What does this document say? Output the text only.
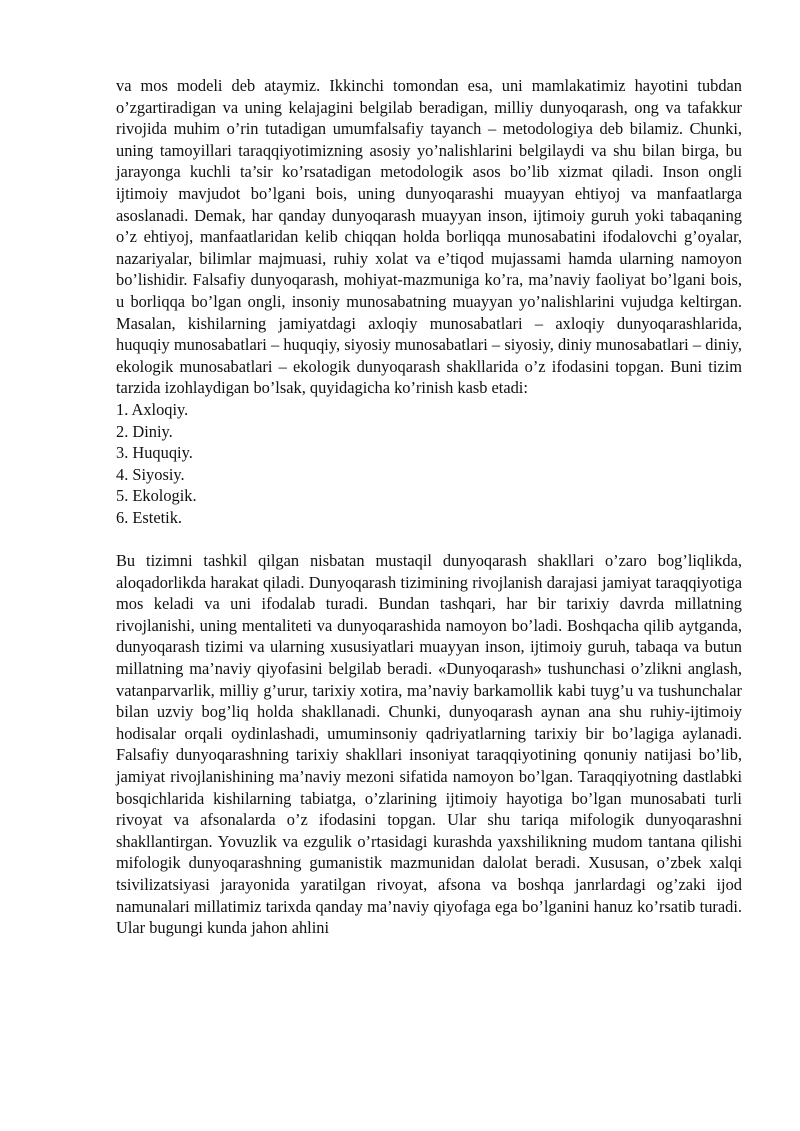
va mos modeli deb ataymiz. Ikkinchi tomondan esa, uni mamlakatimiz hayotini tubdan o’zgartiradigan va uning kelajagini belgilab beradigan, milliy dunyoqarash, ong va tafakkur rivojida muhim o’rin tutadigan umumfalsafiy tayanch – metodologiya deb bilamiz. Chunki, uning tamoyillari taraqqiyotimizning asosiy yo’nalishlarini belgilaydi va shu bilan birga, bu jarayonga kuchli ta’sir ko’rsatadigan metodologik asos bo’lib xizmat qiladi. Inson ongli ijtimoiy mavjudot bo’lgani bois, uning dunyoqarashi muayyan ehtiyoj va manfaatlarga asoslanadi. Demak, har qanday dunyoqarash muayyan inson, ijtimoiy guruh yoki tabaqaning o’z ehtiyoj, manfaatlaridan kelib chiqqan holda borliqqa munosabatini ifodalovchi g’oyalar, nazariyalar, bilimlar majmuasi, ruhiy xolat va e’tiqod mujassami hamda ularning namoyon bo’lishidir. Falsafiy dunyoqarash, mohiyat-mazmuniga ko’ra, ma’naviy faoliyat bo’lgani bois, u borliqqa bo’lgan ongli, insoniy munosabatning muayyan yo’nalishlarini vujudga keltirgan. Masalan, kishilarning jamiyatdagi axloqiy munosabatlari – axloqiy dunyoqarashlarida, huquqiy munosabatlari – huquqiy, siyosiy munosabatlari – siyosiy, diniy munosabatlari – diniy, ekologik munosabatlari – ekologik dunyoqarash shakllarida o’z ifodasini topgan. Buni tizim tarzida izohlaydigan bo’lsak, quyidagicha ko’rinish kasb etadi:

1. Axloqiy.
2. Diniy.
3. Huquqiy.
4. Siyosiy.
5. Ekologik.
6. Estetik.

Bu tizimni tashkil qilgan nisbatan mustaqil dunyoqarash shakllari o’zaro bog’liqlikda, aloqadorlikda harakat qiladi. Dunyoqarash tizimining rivojlanish darajasi jamiyat taraqqiyotiga mos keladi va uni ifodalab turadi. Bundan tashqari, har bir tarixiy davrda millatning rivojlanishi, uning mentaliteti va dunyoqarashida namoyon bo’ladi. Boshqacha qilib aytganda, dunyoqarash tizimi va ularning xususiyatlari muayyan inson, ijtimoiy guruh, tabaqa va butun millatning ma’naviy qiyofasini belgilab beradi. «Dunyoqarash» tushunchasi o’zlikni anglash, vatanparvarlik, milliy g’urur, tarixiy xotira, ma’naviy barkamollik kabi tuyg’u va tushunchalar bilan uzviy bog’liq holda shakllanadi. Chunki, dunyoqarash aynan ana shu ruhiy-ijtimoiy hodisalar orqali oydinlashadi, umuminsoniy qadriyatlarning tarixiy bir bo’lagiga aylanadi. Falsafiy dunyoqarashning tarixiy shakllari insoniyat taraqqiyotining qonuniy natijasi bo’lib, jamiyat rivojlanishining ma’naviy mezoni sifatida namoyon bo’lgan. Taraqqiyotning dastlabki bosqichlarida kishilarning tabiatga, o’zlarining ijtimoiy hayotiga bo’lgan munosabati turli rivoyat va afsonalarda o’z ifodasini topgan. Ular shu tariqa mifologik dunyoqarashni shakllantirgan. Yovuzlik va ezgulik o’rtasidagi kurashda yaxshilikning mudom tantana qilishi mifologik dunyoqarashning gumanistik mazmunidan dalolat beradi. Xususan, o’zbek xalqi tsivilizatsiyasi jarayonida yaratilgan rivoyat, afsona va boshqa janrlardagi og’zaki ijod namunalari millatimiz tarixda qanday ma’naviy qiyofaga ega bo’lganini hanuz ko’rsatib turadi. Ular bugungi kunda jahon ahlini
